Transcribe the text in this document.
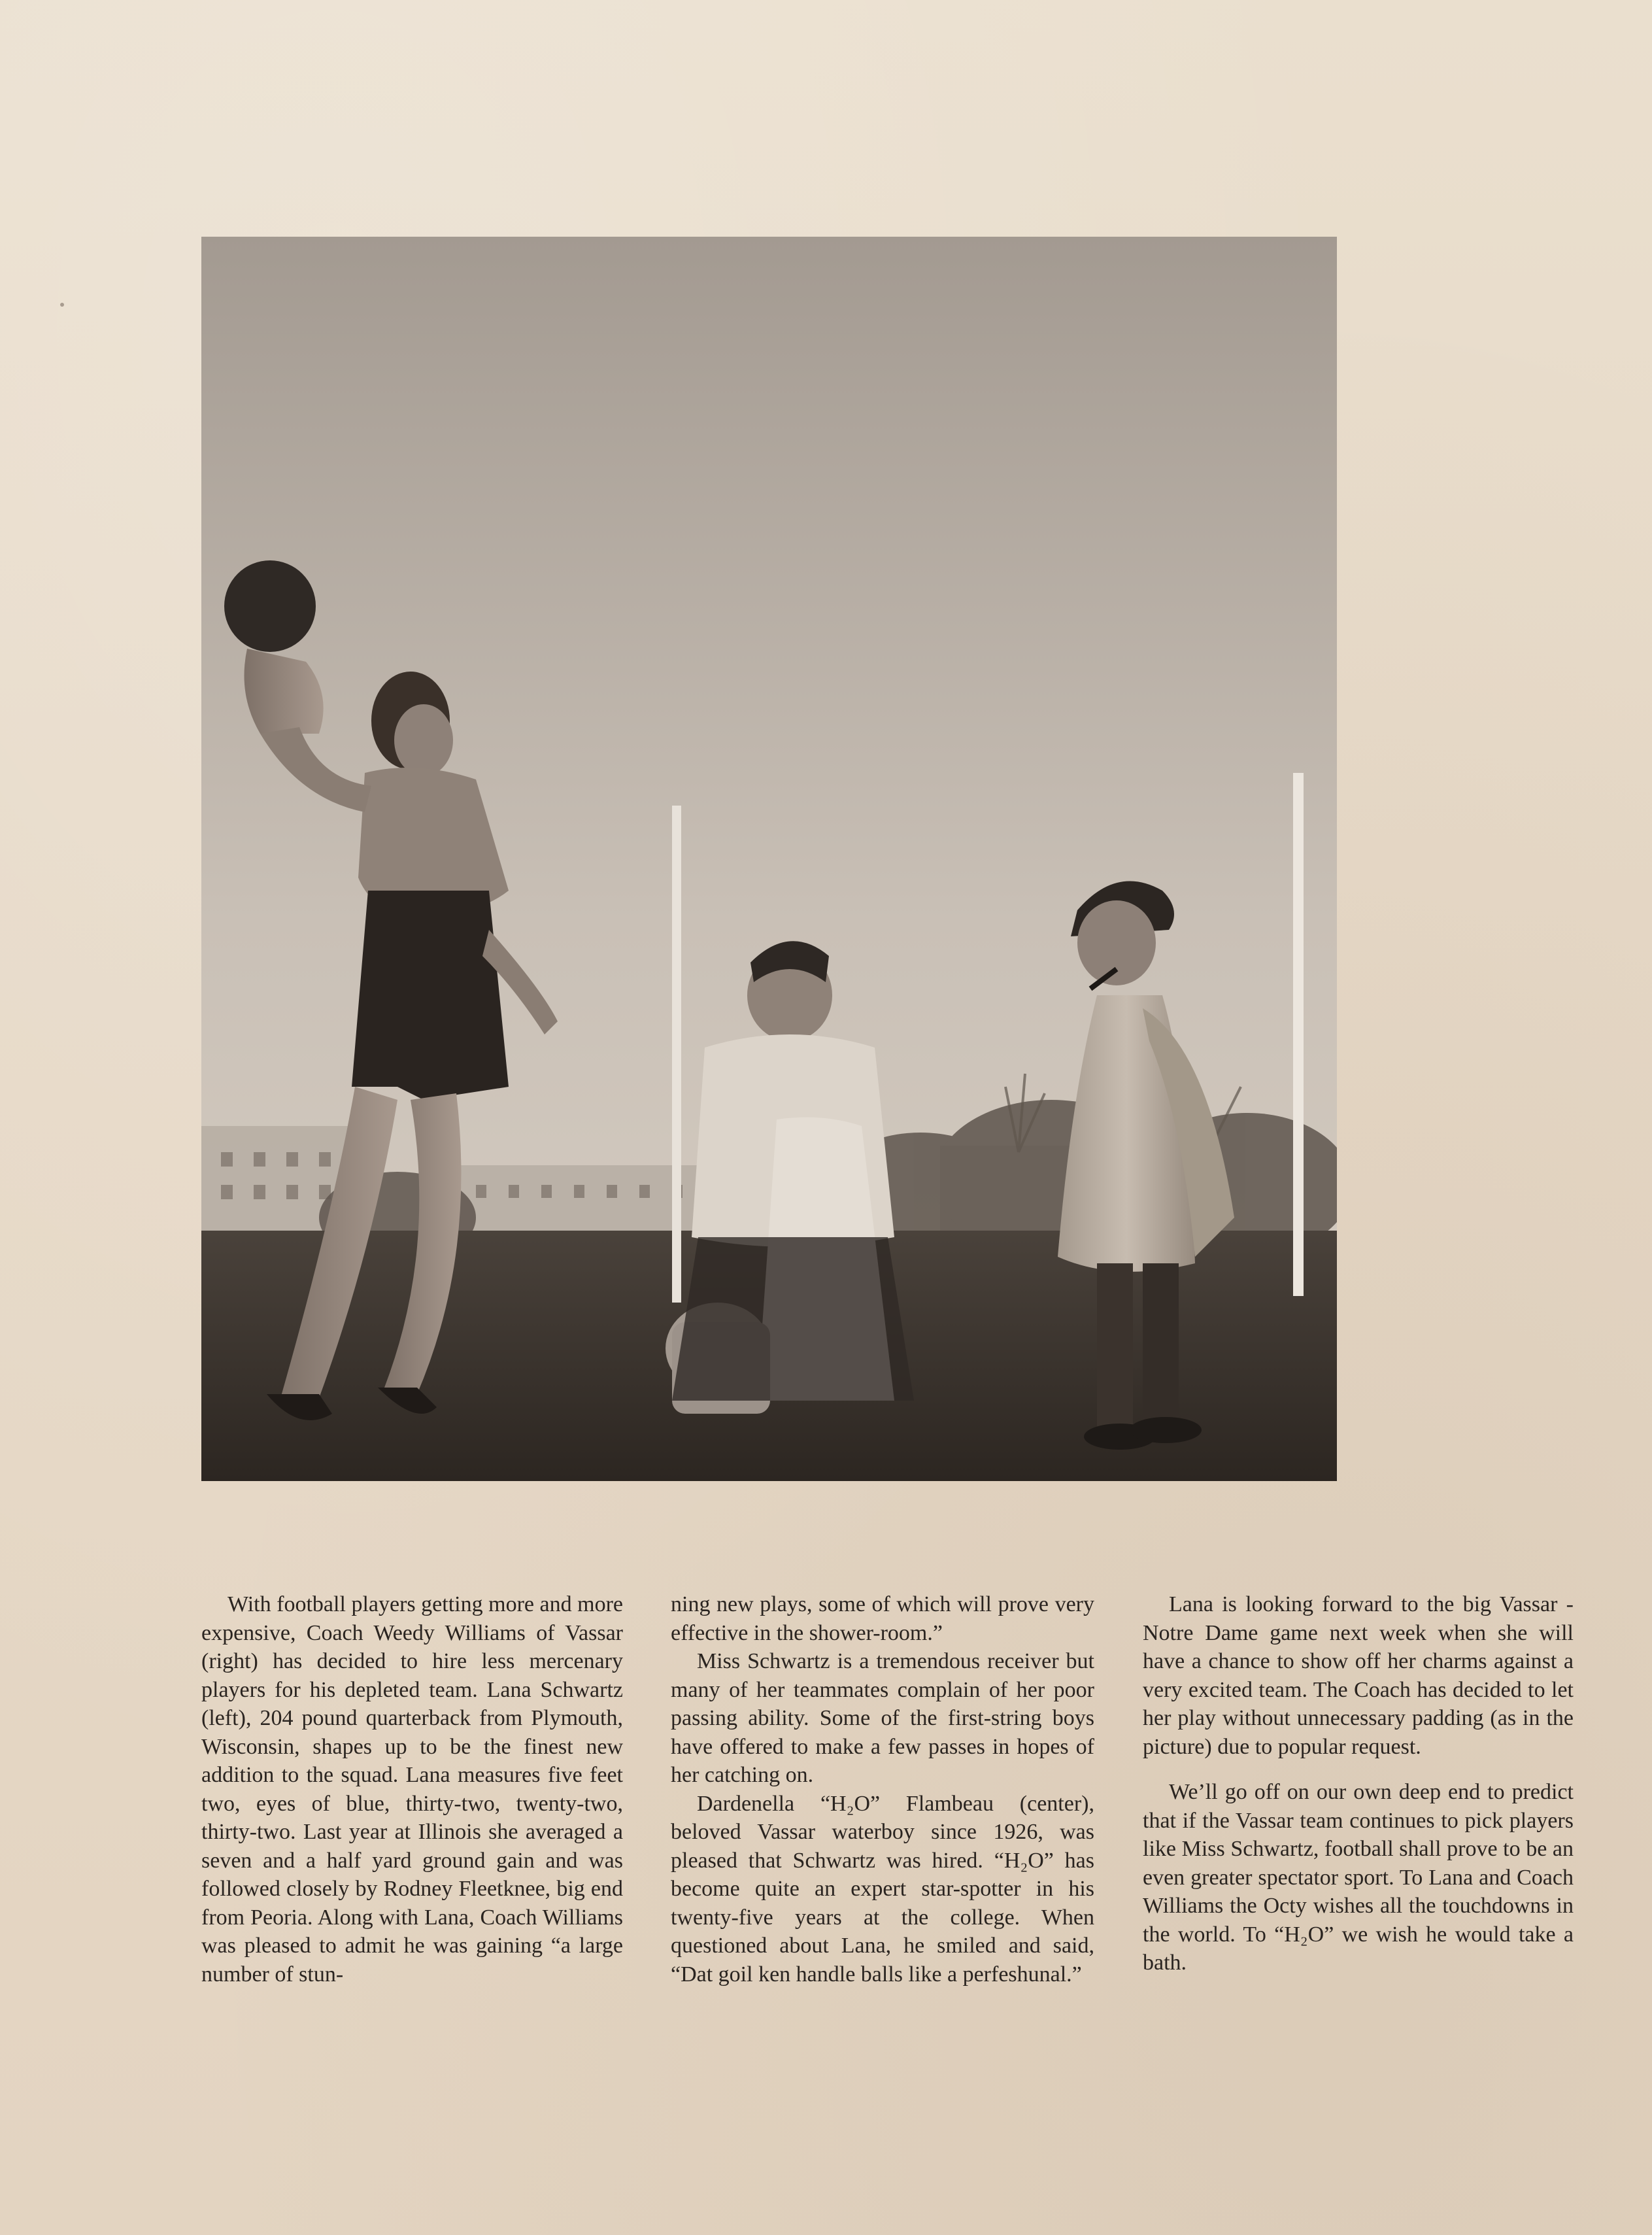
With football players getting more and more expensive, Coach Weedy Williams of Vassar (right) has decided to hire less mercenary players for his depleted team. Lana Schwartz (left), 204 pound quarterback from Plymouth, Wisconsin, shapes up to be the finest new addition to the squad. Lana measures five feet two, eyes of blue, thirty-two, twenty-two, thirty-two. Last year at Illinois she averaged a seven and a half yard ground gain and was followed closely by Rodney Fleetknee, big end from Peoria. Along with Lana, Coach Williams was pleased to admit he was gaining “a large number of stun-

ning new plays, some of which will prove very effective in the shower-room.”

Miss Schwartz is a tremendous receiver but many of her teammates complain of her poor passing ability. Some of the first-string boys have offered to make a few passes in hopes of her catching on.

Dardenella “H₂O” Flambeau (center), beloved Vassar waterboy since 1926, was pleased that Schwartz was hired. “H₂O” has become quite an expert star-spotter in his twenty-five years at the college. When questioned about Lana, he smiled and said, “Dat goil ken handle balls like a perfeshunal.”

Lana is looking forward to the big Vassar - Notre Dame game next week when she will have a chance to show off her charms against a very excited team. The Coach has decided to let her play without unnecessary padding (as in the picture) due to popular request.

We’ll go off on our own deep end to predict that if the Vassar team continues to pick players like Miss Schwartz, football shall prove to be an even greater spectator sport. To Lana and Coach Williams the Octy wishes all the touchdowns in the world. To “H₂O” we wish he would take a bath.
